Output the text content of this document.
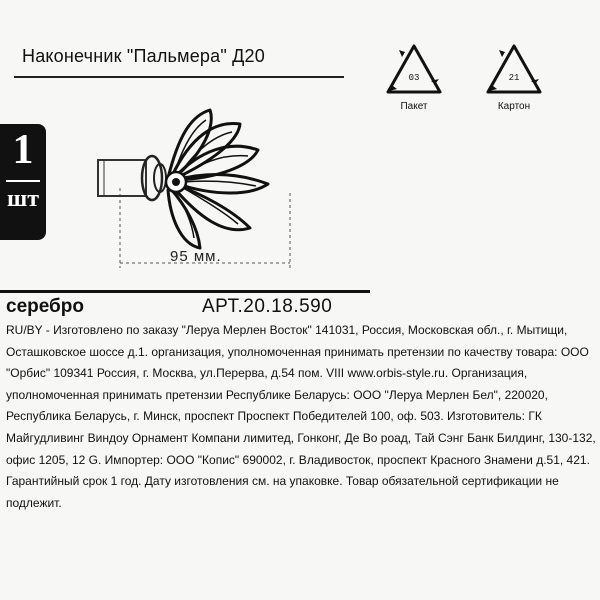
Наконечник "Пальмера" Д20
03
Пакет
21
Картон
1
шт
95 мм.
серебро	АРТ.20.18.590
RU/BY - Изготовлено по заказу "Леруа Мерлен Восток" 141031, Россия, Московская обл., г. Мытищи, Осташковское шоссе д.1. организация, уполномоченная принимать претензии по качеству товара: ООО "Орбис" 109341 Россия, г. Москва, ул.Перерва, д.54 пом. VIII www.orbis-style.ru. Организация, уполномоченная принимать претензии Республике Беларусь: ООО "Леруа Мерлен Бел", 220020, Республика Беларусь, г. Минск, проспект Проспект Победителей 100, оф. 503. Изготовитель: ГК Майгудливинг Виндоу Орнамент Компани лимитед, Гонконг, Де Во роад, Тай Сэнг Банк Билдинг, 130-132, офис 1205, 12 G. Импортер: ООО "Копис" 690002, г. Владивосток, проспект Красного Знамени д.51, 421. Гарантийный срок 1 год. Дату изготовления см. на упаковке. Товар обязательной сертификации не подлежит.
